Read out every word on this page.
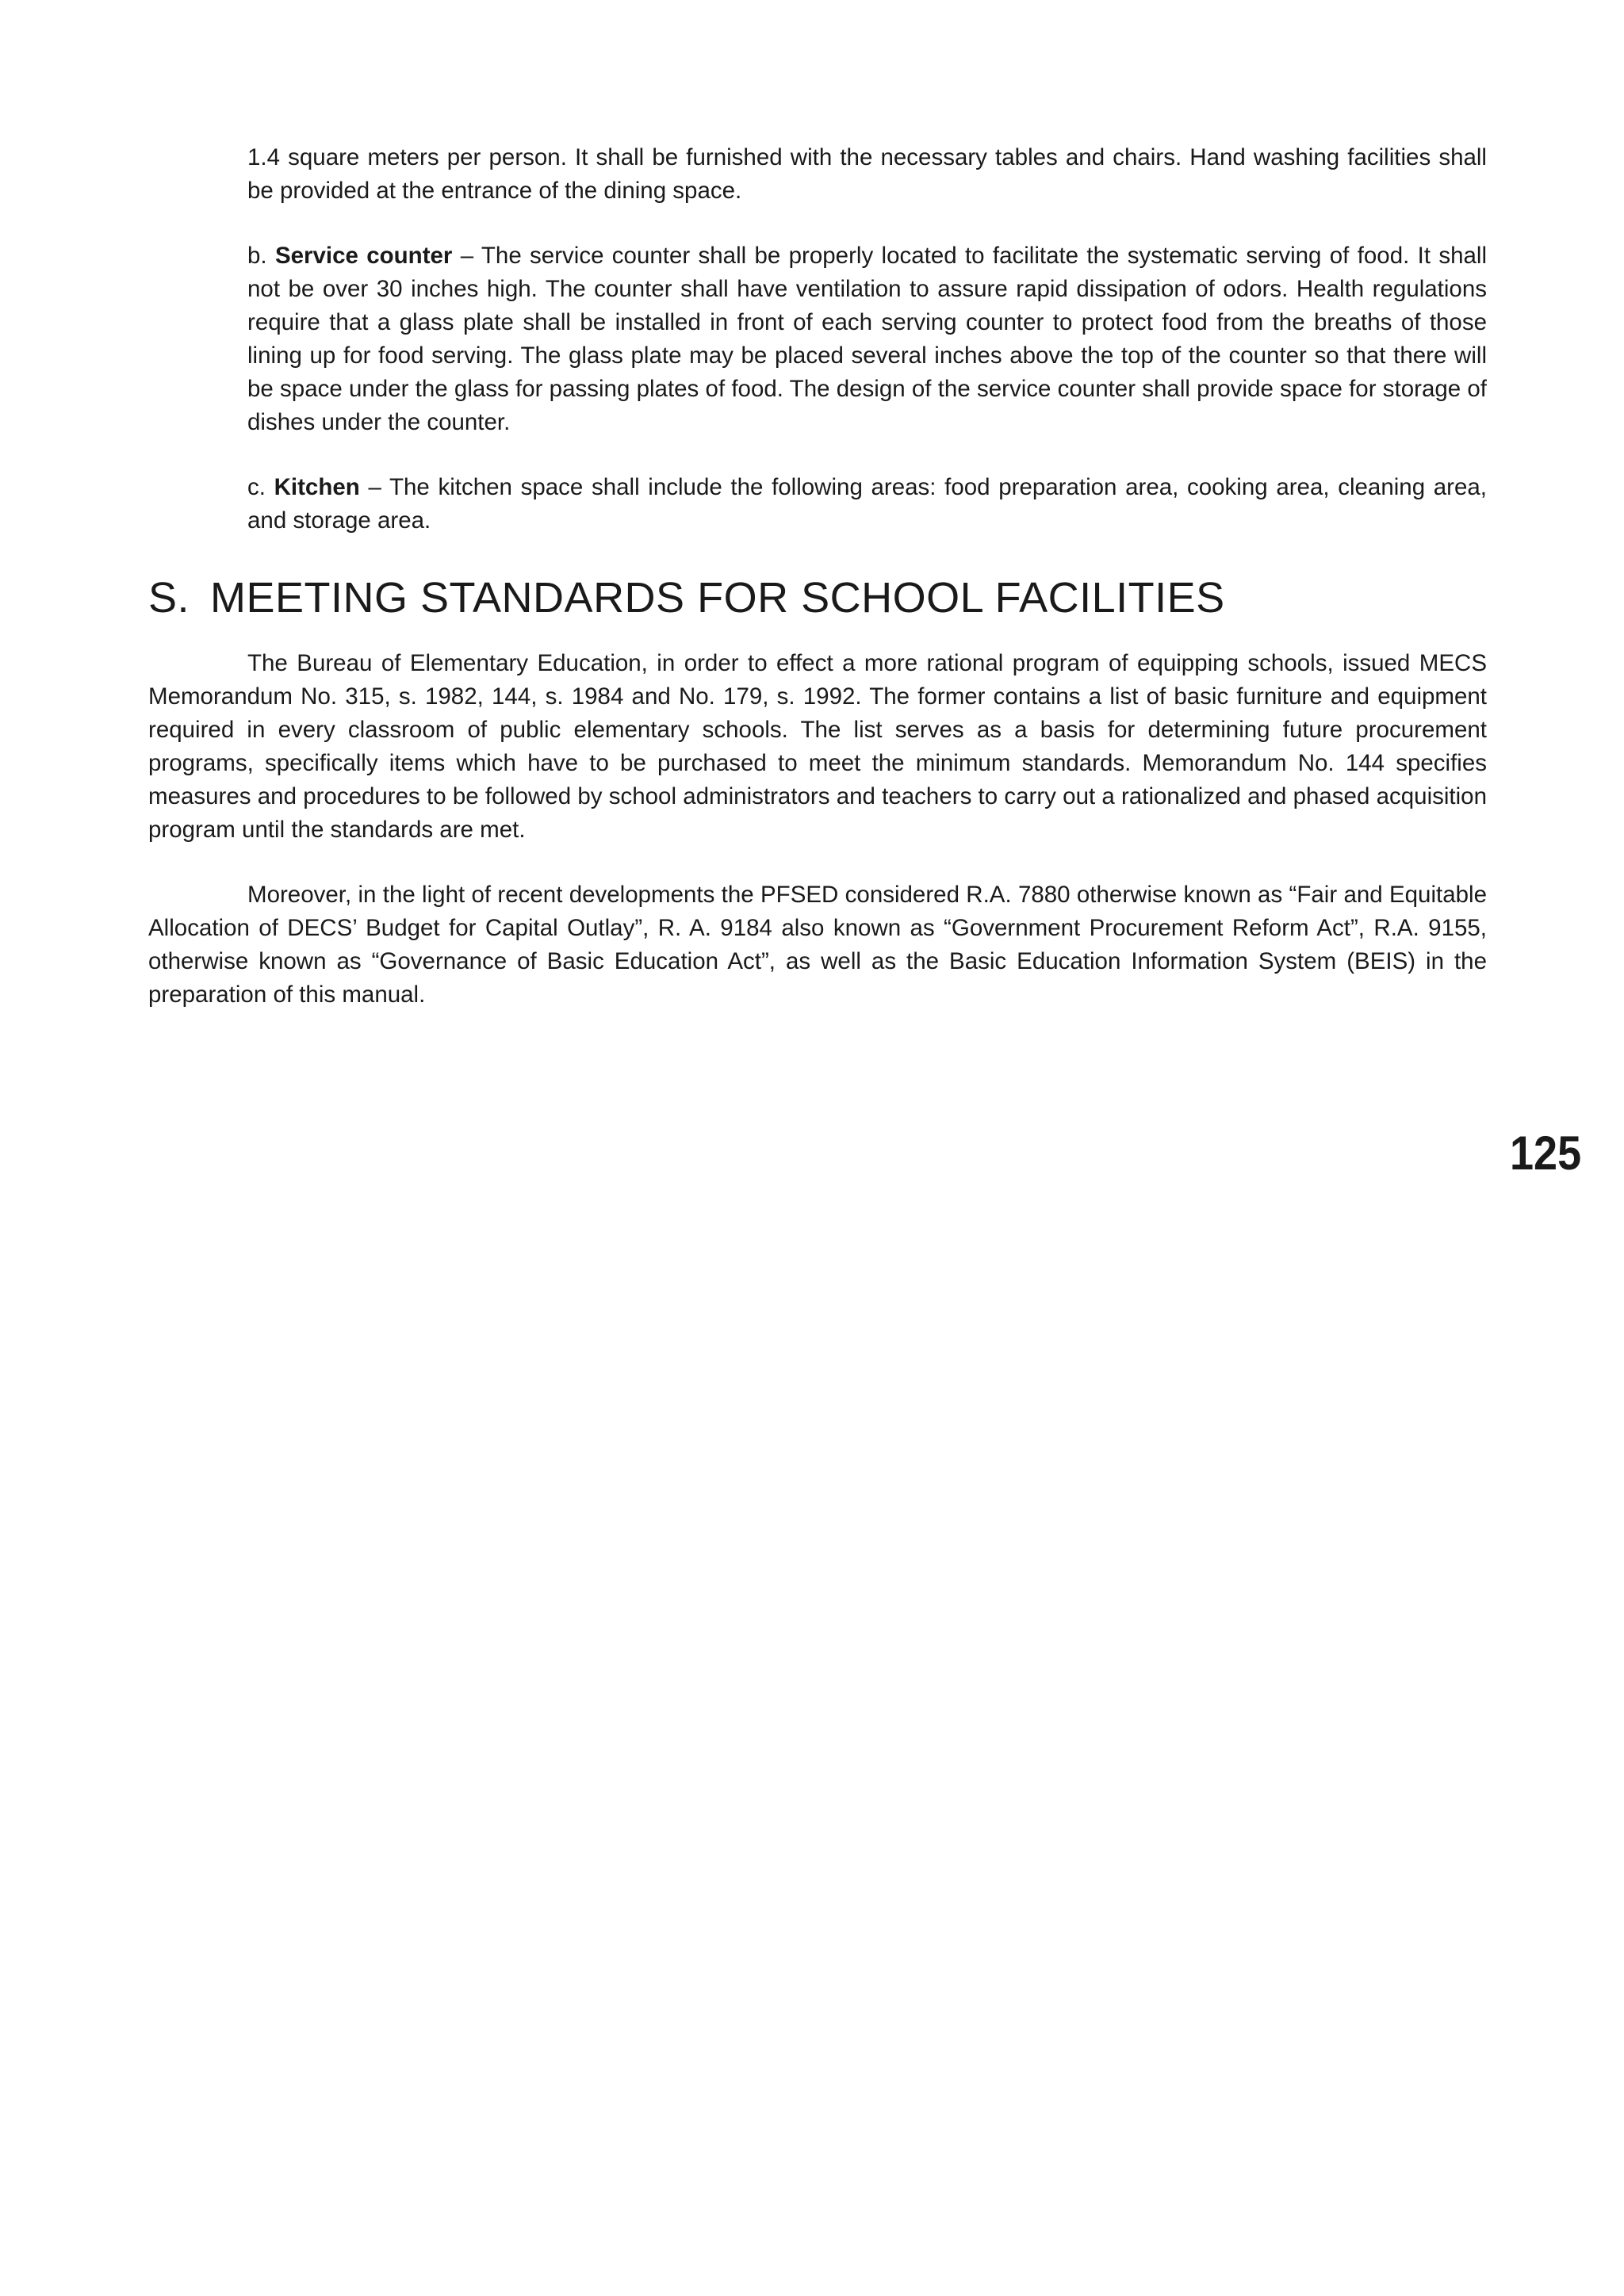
1.4 square meters per person. It shall be furnished with the necessary tables and chairs. Hand washing facilities shall be provided at the entrance of the dining space.

b. Service counter – The service counter shall be properly located to facilitate the systematic serving of food. It shall not be over 30 inches high. The counter shall have ventilation to assure rapid dissipation of odors. Health regulations require that a glass plate shall be installed in front of each serving counter to protect food from the breaths of those lining up for food serving. The glass plate may be placed several inches above the top of the counter so that there will be space under the glass for passing plates of food. The design of the service counter shall provide space for storage of dishes under the counter.

c. Kitchen – The kitchen space shall include the following areas: food preparation area, cooking area, cleaning area, and storage area.

S. MEETING STANDARDS FOR SCHOOL FACILITIES

The Bureau of Elementary Education, in order to effect a more rational program of equipping schools, issued MECS Memorandum No. 315, s. 1982, 144, s. 1984 and No. 179, s. 1992. The former contains a list of basic furniture and equipment required in every classroom of public elementary schools. The list serves as a basis for determining future procurement programs, specifically items which have to be purchased to meet the minimum standards. Memorandum No. 144 specifies measures and procedures to be followed by school administrators and teachers to carry out a rationalized and phased acquisition program until the standards are met.

Moreover, in the light of recent developments the PFSED considered R.A. 7880 otherwise known as “Fair and Equitable Allocation of DECS’ Budget for Capital Outlay”, R. A. 9184 also known as “Government Procurement Reform Act”, R.A. 9155, otherwise known as “Governance of Basic Education Act”, as well as the Basic Education Information System (BEIS) in the preparation of this manual.

125
